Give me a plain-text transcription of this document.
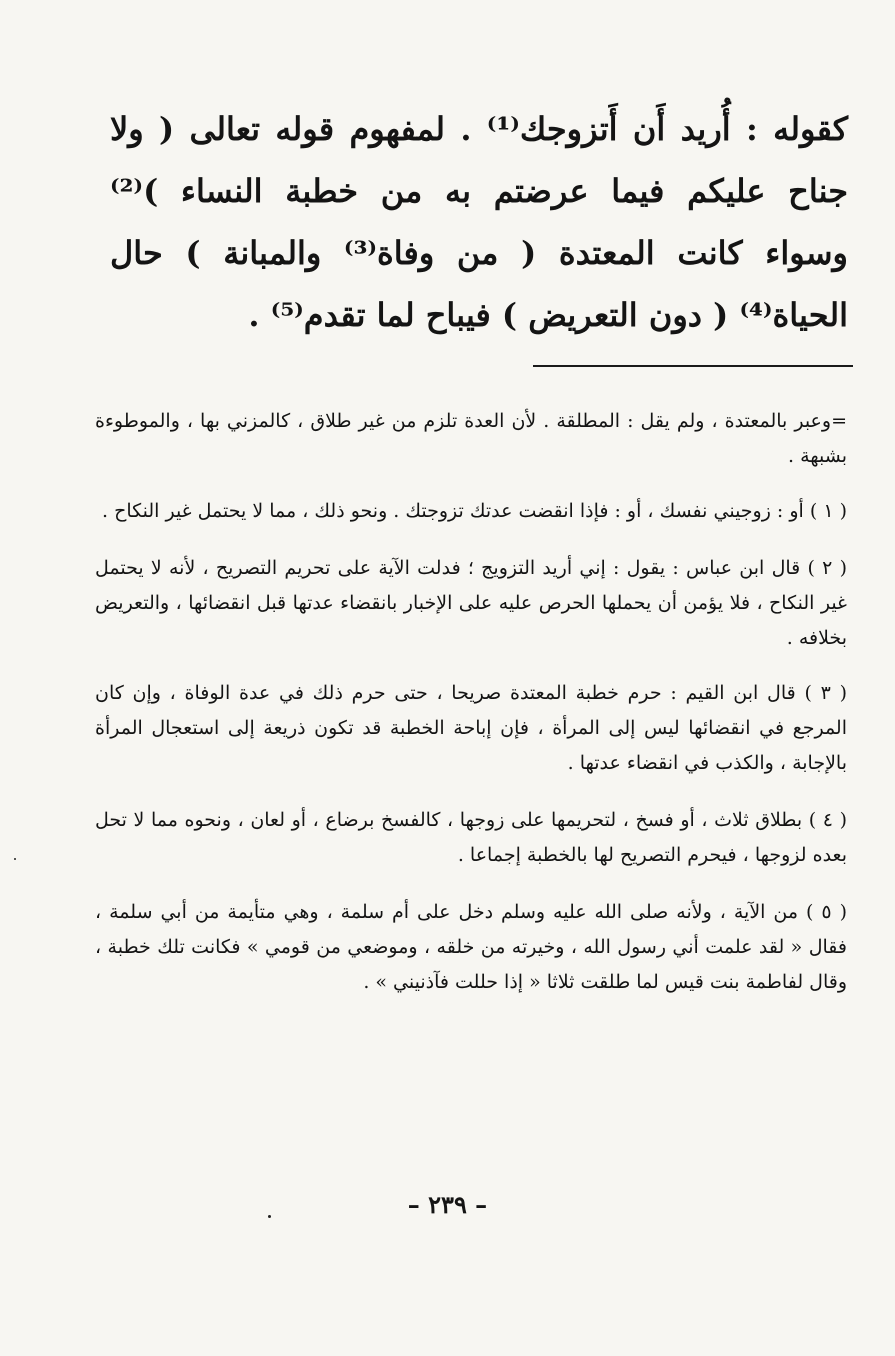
كقوله : أُريد أَن أَتزوجك⁽¹⁾ . لمفهوم قوله تعالى ( ولا جناح عليكم فيما عرضتم به من خطبة النساء )⁽²⁾ وسواء كانت المعتدة ( من وفاة⁽³⁾ والمبانة ) حال الحياة⁽⁴⁾ ( دون التعريض ) فيباح لما تقدم⁽⁵⁾ .

=وعبر بالمعتدة ، ولم يقل : المطلقة . لأن العدة تلزم من غير طلاق ، كالمزني بها ، والموطوءة بشبهة .

( ١ ) أو : زوجيني نفسك ، أو : فإذا انقضت عدتك تزوجتك . ونحو ذلك ، مما لا يحتمل غير النكاح .

( ٢ ) قال ابن عباس : يقول : إني أريد التزويج ؛ فدلت الآية على تحريم التصريح ، لأنه لا يحتمل غير النكاح ، فلا يؤمن أن يحملها الحرص عليه على الإخبار بانقضاء عدتها قبل انقضائها ، والتعريض بخلافه .

( ٣ ) قال ابن القيم : حرم خطبة المعتدة صريحا ، حتى حرم ذلك في عدة الوفاة ، وإن كان المرجع في انقضائها ليس إلى المرأة ، فإن إباحة الخطبة قد تكون ذريعة إلى استعجال المرأة بالإجابة ، والكذب في انقضاء عدتها .

( ٤ ) بطلاق ثلاث ، أو فسخ ، لتحريمها على زوجها ، كالفسخ برضاع ، أو لعان ، ونحوه مما لا تحل بعده لزوجها ، فيحرم التصريح لها بالخطبة إجماعا .

( ٥ ) من الآية ، ولأنه صلى الله عليه وسلم دخل على أم سلمة ، وهي متأيمة من أبي سلمة ، فقال « لقد علمت أني رسول الله ، وخيرته من خلقه ، وموضعي من قومي » فكانت تلك خطبة ، وقال لفاطمة بنت قيس لما طلقت ثلاثا « إذا حللت فآذنيني » .

– ٢٣٩ –
